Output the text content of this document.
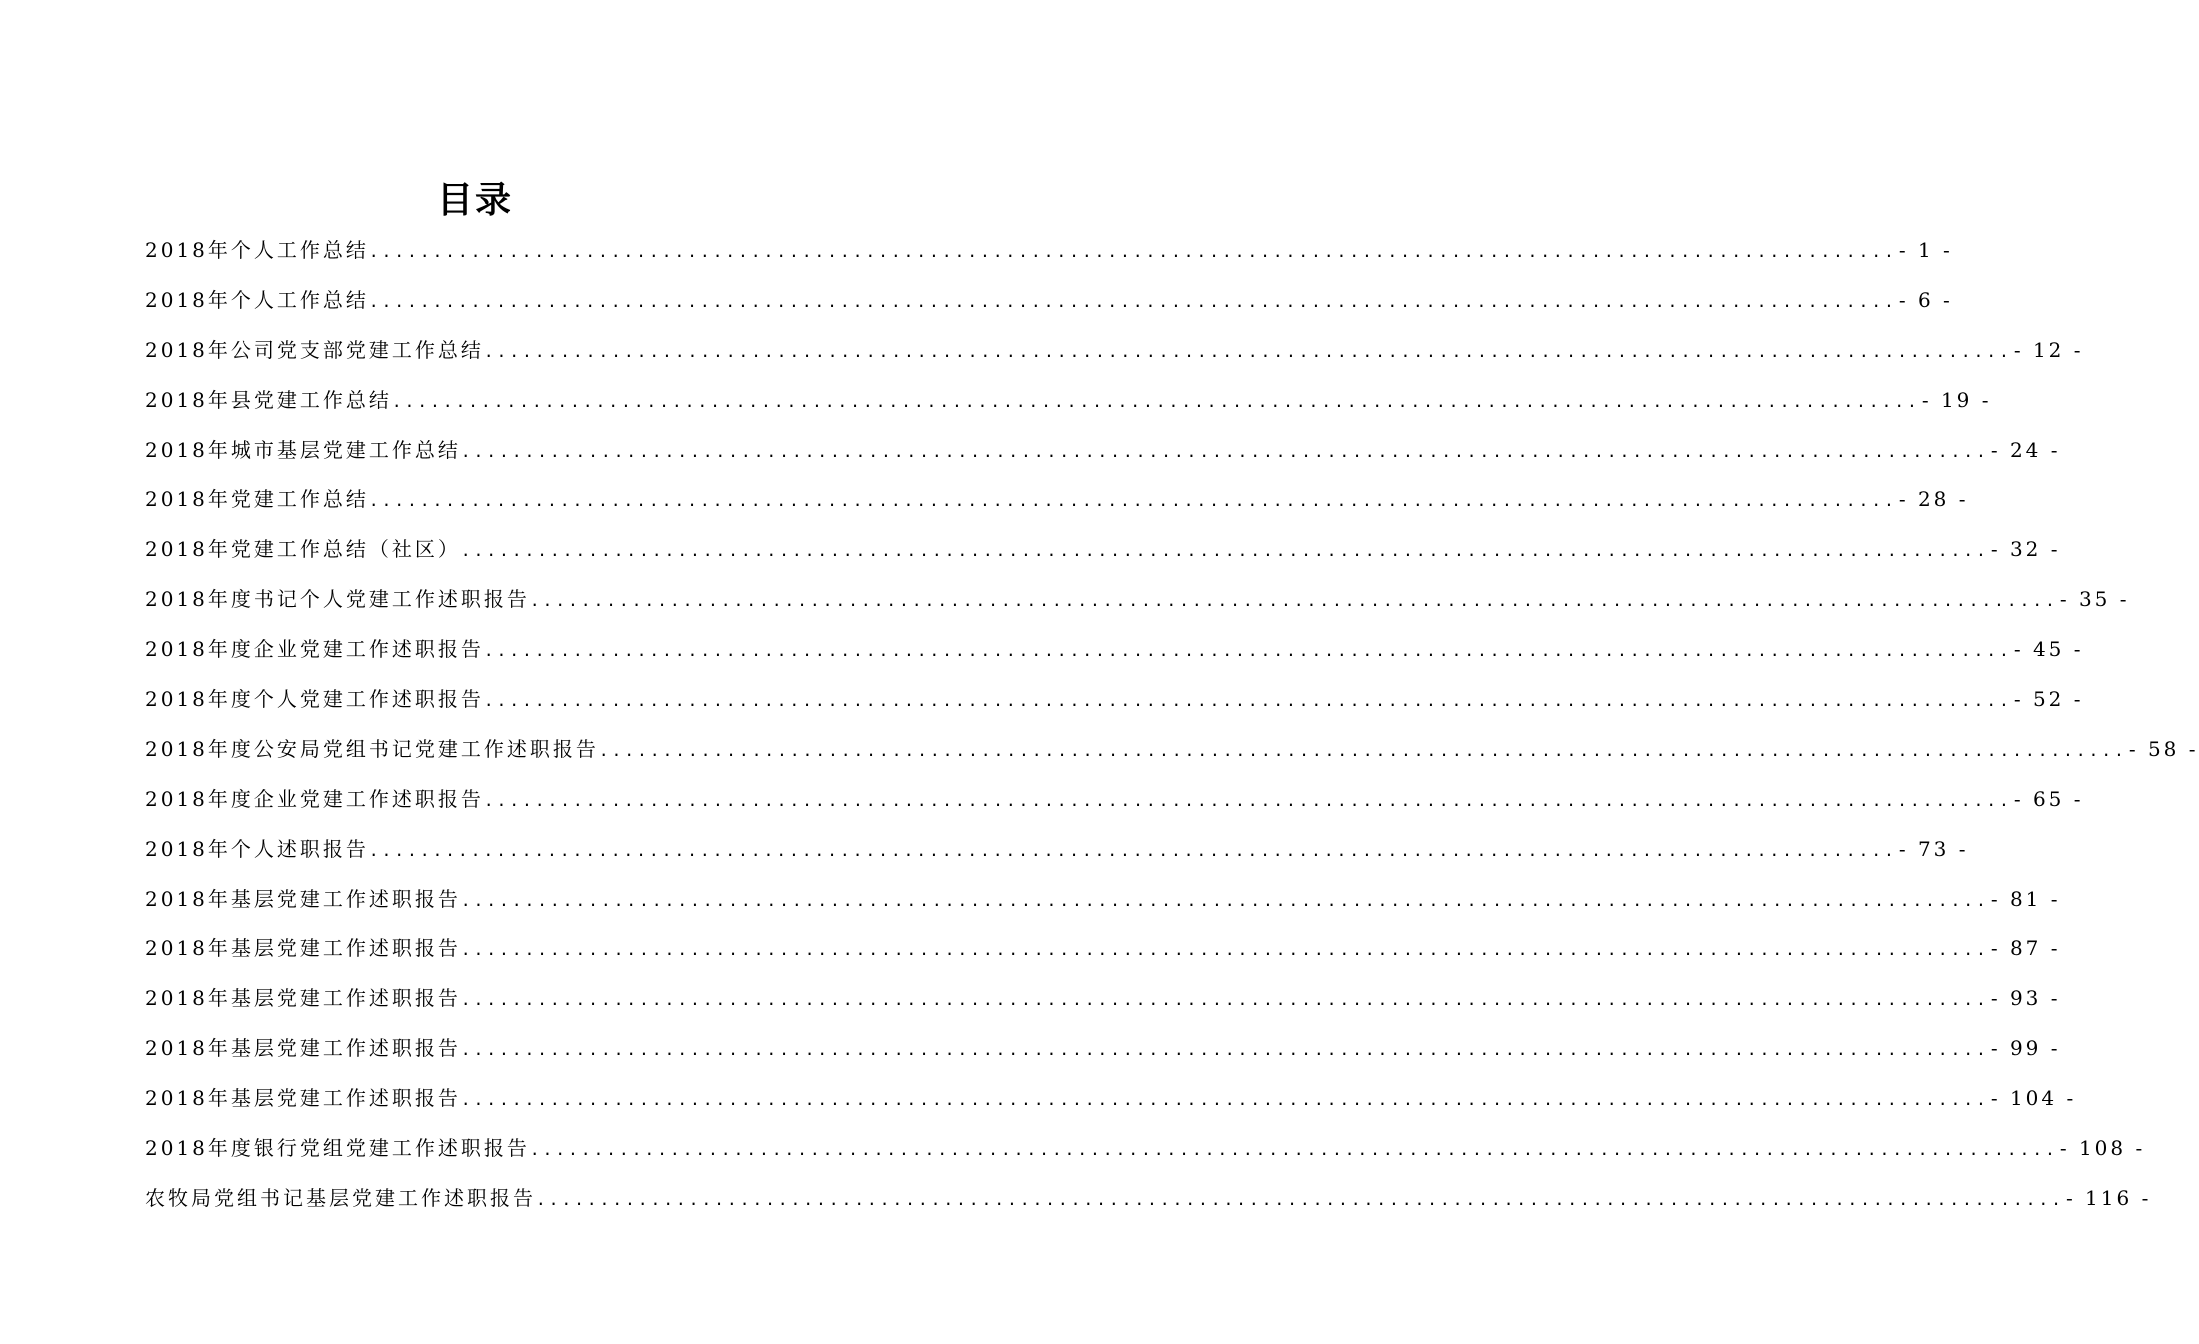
目录
2018年个人工作总结 ........................................................................................................................ - 1 -
2018年个人工作总结 ........................................................................................................................ - 6 -
2018年公司党支部党建工作总结 ........................................................................................................................ - 12 -
2018年县党建工作总结 ........................................................................................................................ - 19 -
2018年城市基层党建工作总结 ........................................................................................................................ - 24 -
2018年党建工作总结 ........................................................................................................................ - 28 -
2018年党建工作总结（社区） ........................................................................................................................ - 32 -
2018年度书记个人党建工作述职报告 ........................................................................................................................ - 35 -
2018年度企业党建工作述职报告 ........................................................................................................................ - 45 -
2018年度个人党建工作述职报告 ........................................................................................................................ - 52 -
2018年度公安局党组书记党建工作述职报告 ........................................................................................................................ - 58 -
2018年度企业党建工作述职报告 ........................................................................................................................ - 65 -
2018年个人述职报告 ........................................................................................................................ - 73 -
2018年基层党建工作述职报告 ........................................................................................................................ - 81 -
2018年基层党建工作述职报告 ........................................................................................................................ - 87 -
2018年基层党建工作述职报告 ........................................................................................................................ - 93 -
2018年基层党建工作述职报告 ........................................................................................................................ - 99 -
2018年基层党建工作述职报告 ........................................................................................................................ - 104 -
2018年度银行党组党建工作述职报告 ........................................................................................................................ - 108 -
农牧局党组书记基层党建工作述职报告 ........................................................................................................................ - 116 -
